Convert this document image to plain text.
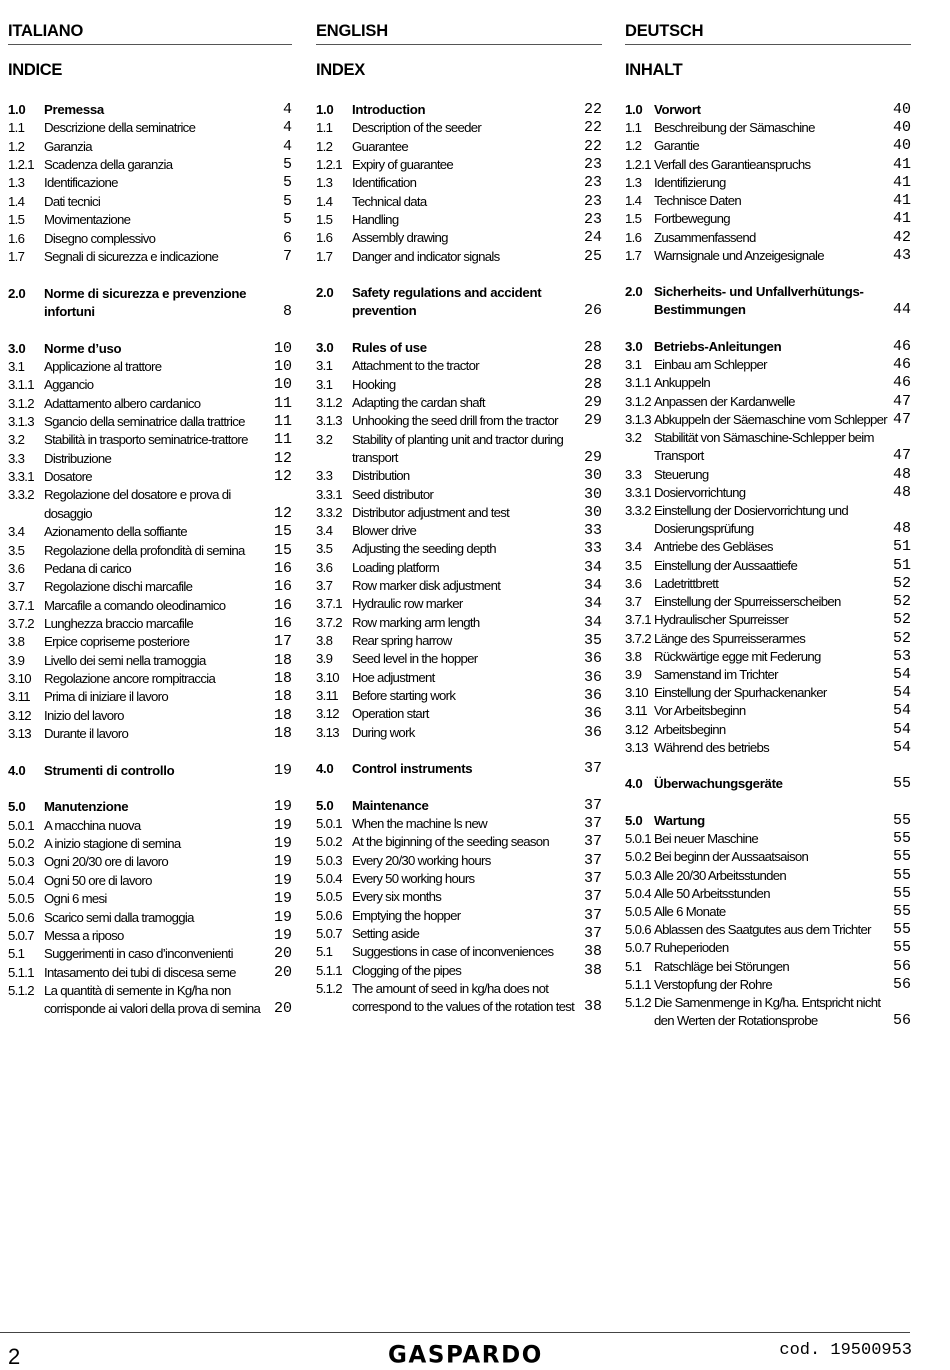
ITALIANO
INDICE
1.0 Premessa	4
1.1 Descrizione della seminatrice	4
1.2 Garanzia	4
1.2.1 Scadenza della garanzia	5
1.3 Identificazione	5
1.4 Dati tecnici	5
1.5 Movimentazione	5
1.6 Disegno complessivo	6
1.7 Segnali di sicurezza e indicazione	7
2.0 Norme di sicurezza e prevenzione infortuni	8
3.0 Norme d’uso	10
3.1 Applicazione al trattore	10
3.1.1 Aggancio	10
3.1.2 Adattamento albero cardanico	11
3.1.3 Sgancio della seminatrice dalla trattrice	11
3.2 Stabilità in trasporto seminatrice-trattore	11
3.3 Distribuzione	12
3.3.1 Dosatore	12
3.3.2 Regolazione del dosatore e prova di dosaggio	12
3.4 Azionamento della soffiante	15
3.5 Regolazione della profondità di semina	15
3.6 Pedana di carico	16
3.7 Regolazione dischi marcafile	16
3.7.1 Marcafile a comando oleodinamico	16
3.7.2 Lunghezza braccio marcafile	16
3.8 Erpice copriseme posteriore	17
3.9 Livello dei semi nella tramoggia	18
3.10 Regolazione ancore rompitraccia	18
3.11 Prima di iniziare il lavoro	18
3.12 Inizio del lavoro	18
3.13 Durante il lavoro	18
4.0 Strumenti di controllo	19
5.0 Manutenzione	19
5.0.1 A macchina nuova	19
5.0.2 A inizio stagione di semina	19
5.0.3 Ogni 20/30 ore di lavoro	19
5.0.4 Ogni 50 ore di lavoro	19
5.0.5 Ogni 6 mesi	19
5.0.6 Scarico semi dalla tramoggia	19
5.0.7 Messa a riposo	19
5.1 Suggerimenti in caso d’inconvenienti	20
5.1.1 Intasamento dei tubi di discesa seme	20
5.1.2 La quantità di semente in Kg/ha non corrisponde ai valori della prova di semina 20
ENGLISH
INDEX
1.0 Introduction	22
1.1 Description of the seeder	22
1.2 Guarantee	22
1.2.1 Expiry of guarantee	23
1.3 Identification	23
1.4 Technical data	23
1.5 Handling	23
1.6 Assembly drawing	24
1.7 Danger and indicator signals	25
2.0 Safety regulations and accident prevention	26
3.0 Rules of use	28
3.1 Attachment to the tractor	28
3.1 Hooking	28
3.1.2 Adapting the cardan shaft	29
3.1.3 Unhooking the seed drill from the tractor	29
3.2 Stability of planting unit and tractor during transport	29
3.3 Distribution	30
3.3.1 Seed distributor	30
3.3.2 Distributor adjustment and test	30
3.4 Blower drive	33
3.5 Adjusting the seeding depth	33
3.6 Loading platform	34
3.7 Row marker disk adjustment	34
3.7.1 Hydraulic row marker	34
3.7.2 Row marking arm length	34
3.8 Rear spring harrow	35
3.9 Seed level in the hopper	36
3.10 Hoe adjustment	36
3.11 Before starting work	36
3.12 Operation start	36
3.13 During work	36
4.0 Control instruments	37
5.0 Maintenance	37
5.0.1 When the machine ls new	37
5.0.2 At the biginning of the seeding season	37
5.0.3 Every 20/30 working hours	37
5.0.4 Every 50 working hours	37
5.0.5 Every six months	37
5.0.6 Emptying the hopper	37
5.0.7 Setting aside	37
5.1 Suggestions in case of inconveniences	38
5.1.1 Clogging of the pipes	38
5.1.2 The amount of seed in kg/ha does not correspond to the values of the rotation test 38
DEUTSCH
INHALT
1.0 Vorwort	40
1.1 Beschreibung der Sämaschine	40
1.2 Garantie	40
1.2.1 Verfall des Garantieanspruchs	41
1.3 Identifizierung	41
1.4 Technisce Daten	41
1.5 Fortbewegung	41
1.6 Zusammenfassend	42
1.7 Warnsignale und Anzeigesignale	43
2.0 Sicherheits- und Unfallverhütungs- Bestimmungen	44
3.0 Betriebs-Anleitungen	46
3.1 Einbau am Schlepper	46
3.1.1 Ankuppeln	46
3.1.2 Anpassen der Kardanwelle	47
3.1.3 Abkuppeln der Säemaschine vom Schlepper 47
3.2 Stabilität von Sämaschine-Schlepper beim Transport	47
3.3 Steuerung	48
3.3.1 Dosiervorrichtung	48
3.3.2 Einstellung der Dosiervorrichtung und Dosierungsprüfung	48
3.4 Antriebe des Gebläses	51
3.5 Einstellung der Aussaattiefe	51
3.6 Ladetrittbrett	52
3.7 Einstellung der Spurreisserscheiben	52
3.7.1 Hydraulischer Spurreisser	52
3.7.2 Länge des Spurreisserarmes	52
3.8 Rückwärtige egge mit Federung	53
3.9 Samenstand im Trichter	54
3.10 Einstellung der Spurhackenanker	54
3.11 Vor Arbeitsbeginn	54
3.12 Arbeitsbeginn	54
3.13 Während des betriebs	54
4.0 Überwachungsgeräte	55
5.0 Wartung	55
5.0.1 Bei neuer Maschine	55
5.0.2 Bei beginn der Aussaatsaison	55
5.0.3 Alle 20/30 Arbeitsstunden	55
5.0.4 Alle 50 Arbeitsstunden	55
5.0.5 Alle 6 Monate	55
5.0.6 Ablassen des Saatgutes aus dem Trichter	55
5.0.7 Ruheperioden	55
5.1 Ratschläge bei Störungen	56
5.1.1 Verstopfung der Rohre	56
5.1.2 Die Samenmenge in Kg/ha. Entspricht nicht den Werten der Rotationsprobe	56
2	GASPARDO	cod. 19500953
